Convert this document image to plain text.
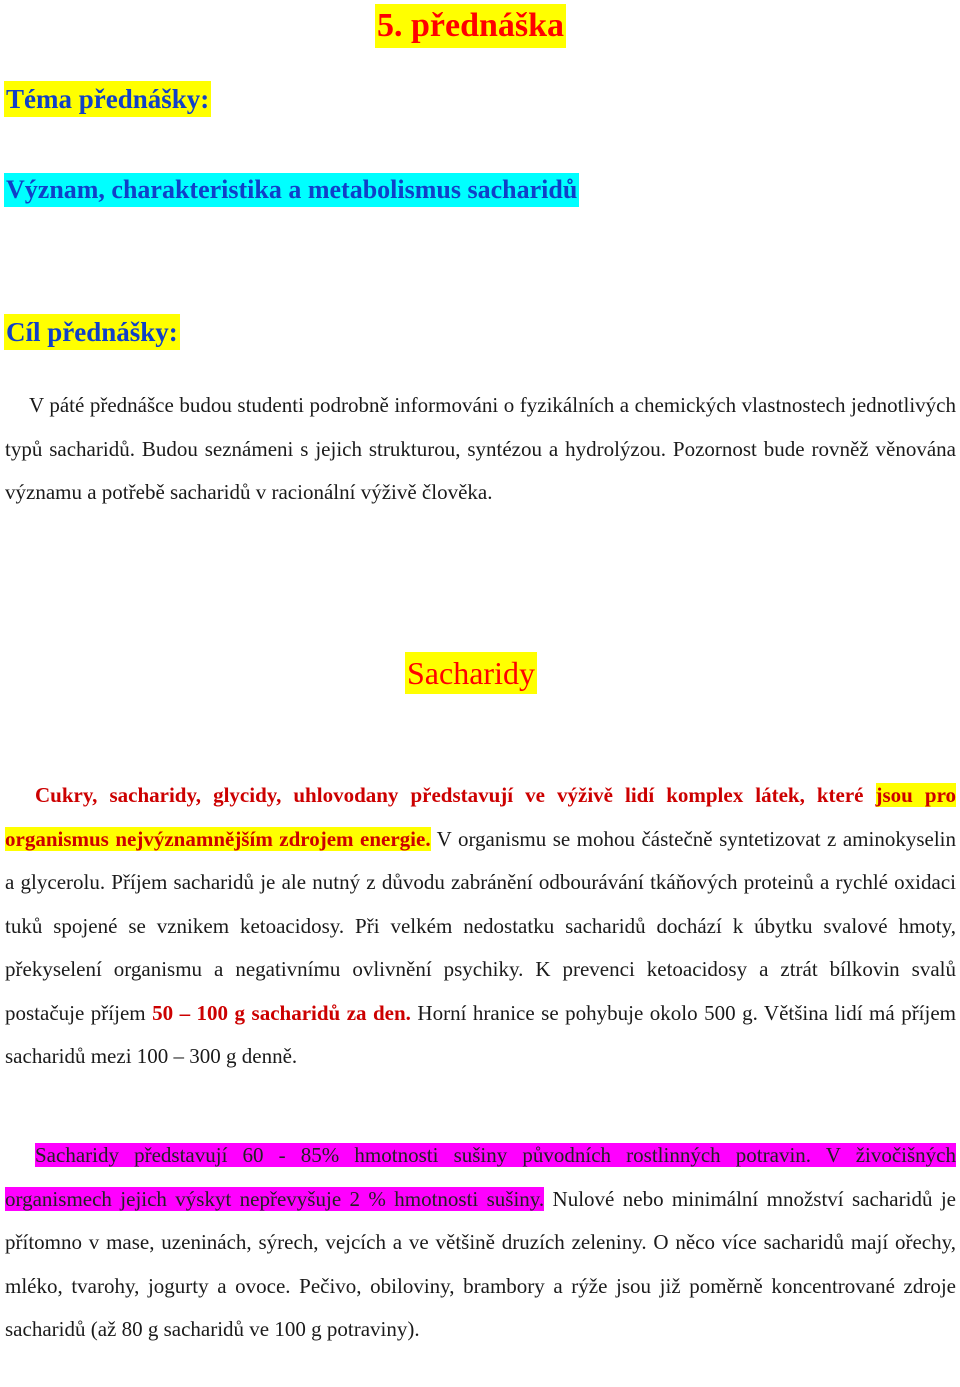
5. přednáška
Téma přednášky:
Význam, charakteristika a metabolismus sacharidů
Cíl přednášky:
V páté přednášce budou studenti podrobně informováni o fyzikálních a chemických vlastnostech jednotlivých typů sacharidů. Budou seznámeni s jejich strukturou, syntézou a hydrolýzou. Pozornost bude rovněž věnována významu a potřebě sacharidů v racionální výživě člověka.
Sacharidy
Cukry, sacharidy, glycidy, uhlovodany představují ve výživě lidí komplex látek, které jsou pro organismus nejvýznamnějším zdrojem energie. V organismu se mohou částečně syntetizovat z aminokyselin a glycerolu. Příjem sacharidů je ale nutný z důvodu zabránění odbourávání tkáňových proteinů a rychlé oxidaci tuků spojené se vznikem ketoacidosy. Při velkém nedostatku sacharidů dochází k úbytku svalové hmoty, překyselení organismu a negativnímu ovlivnění psychiky. K prevenci ketoacidosy a ztrát bílkovin svalů postačuje příjem 50 – 100 g sacharidů za den. Horní hranice se pohybuje okolo 500 g. Většina lidí má příjem sacharidů mezi 100 – 300 g denně.
Sacharidy představují 60 - 85% hmotnosti sušiny původních rostlinných potravin. V živočišných organismech jejich výskyt nepřevyšuje 2 % hmotnosti sušiny. Nulové nebo minimální množství sacharidů je přítomno v mase, uzeninách, sýrech, vejcích a ve většině druzích zeleniny. O něco více sacharidů mají ořechy, mléko, tvarohy, jogurty a ovoce. Pečivo, obiloviny, brambory a rýže jsou již poměrně koncentrované zdroje sacharidů (až 80 g sacharidů ve 100 g potraviny).
